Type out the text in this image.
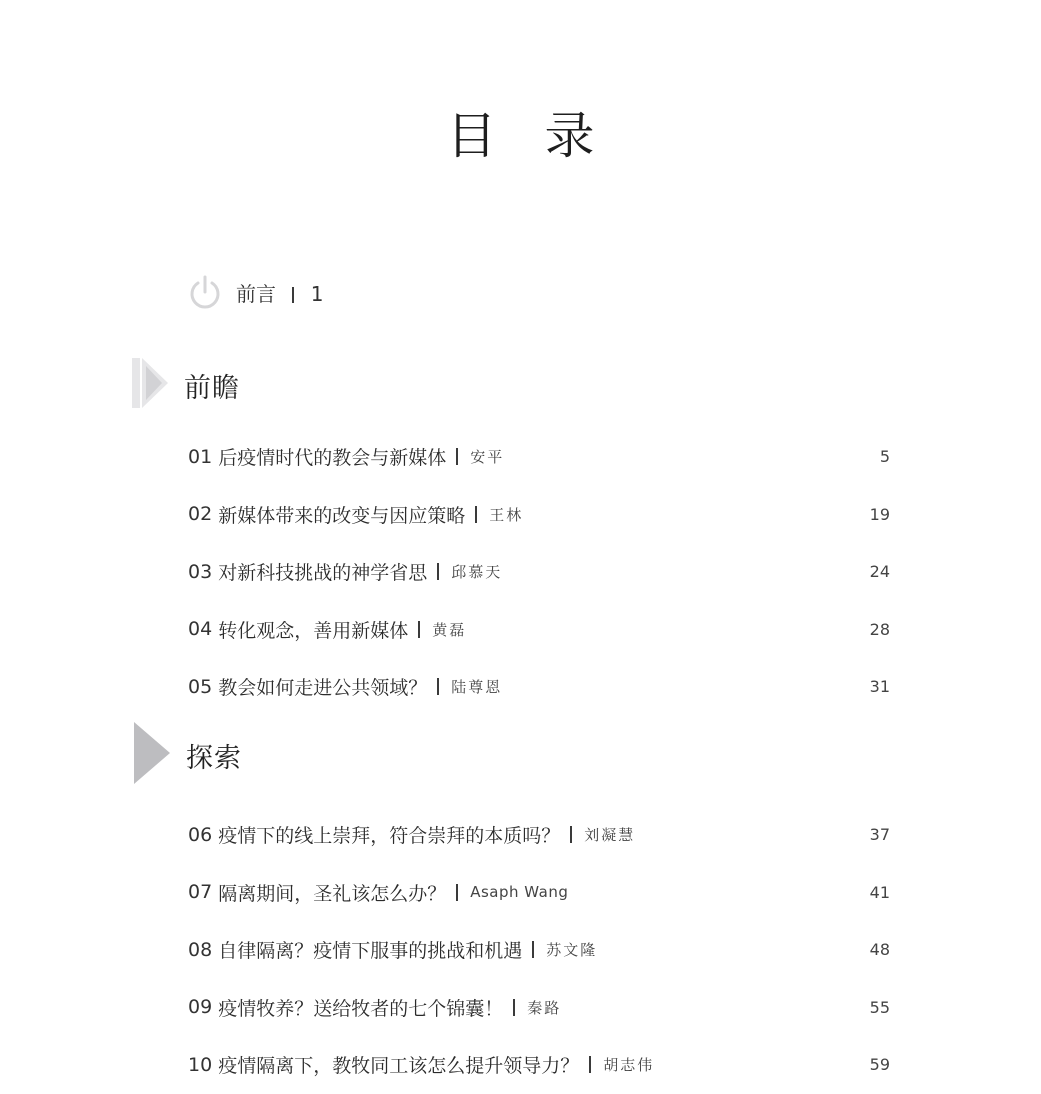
目 录
前言 1
前瞻
01 后疫情时代的教会与新媒体 安平	5
02 新媒体带来的改变与因应策略 王林	19
03 对新科技挑战的神学省思 邱慕天	24
04 转化观念，善用新媒体 黄磊	28
05 教会如何走进公共领域？ 陆尊恩	31
探索
06 疫情下的线上崇拜，符合崇拜的本质吗？ 刘凝慧	37
07 隔离期间，圣礼该怎么办？ Asaph Wang	41
08 自律隔离？疫情下服事的挑战和机遇 苏文隆	48
09 疫情牧养？送给牧者的七个锦囊！ 秦路	55
10 疫情隔离下，教牧同工该怎么提升领导力？ 胡志伟	59
